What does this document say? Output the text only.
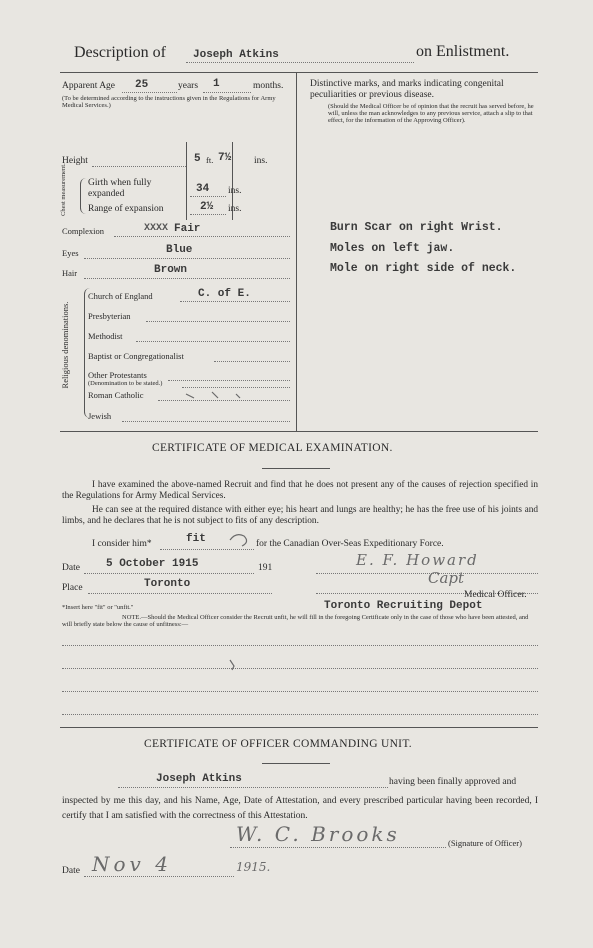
Description of Joseph Atkins	on Enlistment.
Apparent Age 25	years 1	months.
(To be determined according to the instructions given in the Regulations for Army Medical Services.)
Height	5 ft. 7½ ins.
Chest measurement. Girth when fully expanded	34 ins.
Range of expansion	2½ ins.
Complexion	XXXX Fair
Eyes	Blue
Hair	Brown
Religious denominations.
Church of England	C. of E.
Presbyterian
Methodist
Baptist or Congregationalist
Other Protestants
(Denomination to be stated.)
Roman Catholic
Jewish
Distinctive marks, and marks indicating congenital peculiarities or previous disease.
(Should the Medical Officer be of opinion that the recruit has served before, he will, unless the man acknowledges to any previous service, attach a slip to that effect, for the information of the Approving Officer).
Burn Scar on right Wrist.
Moles on left jaw.
Mole on right side of neck.
CERTIFICATE OF MEDICAL EXAMINATION.
I have examined the above-named Recruit and find that he does not present any of the causes of rejection specified in the Regulations for Army Medical Services.
He can see at the required distance with either eye; his heart and lungs are healthy; he has the free use of his joints and limbs, and he declares that he is not subject to fits of any description.
I consider him*	fit	for the Canadian Over-Seas Expeditionary Force.
Date 5 October 1915	191	E. F. Howard
Place	Toronto	Capt
Medical Officer.
*Insert here "fit" or "unfit."	Toronto Recruiting Depot
NOTE.—Should the Medical Officer consider the Recruit unfit, he will fill in the foregoing Certificate only in the case of those who have been attested, and will briefly state below the cause of unfitness:—
CERTIFICATE OF OFFICER COMMANDING UNIT.
Joseph Atkins	having been finally approved and
inspected by me this day, and his Name, Age, Date of Attestation, and every prescribed particular having been recorded, I certify that I am satisfied with the correctness of this Attestation.
W. C. Brooks	(Signature of Officer)
Date Nov 4	1915.
